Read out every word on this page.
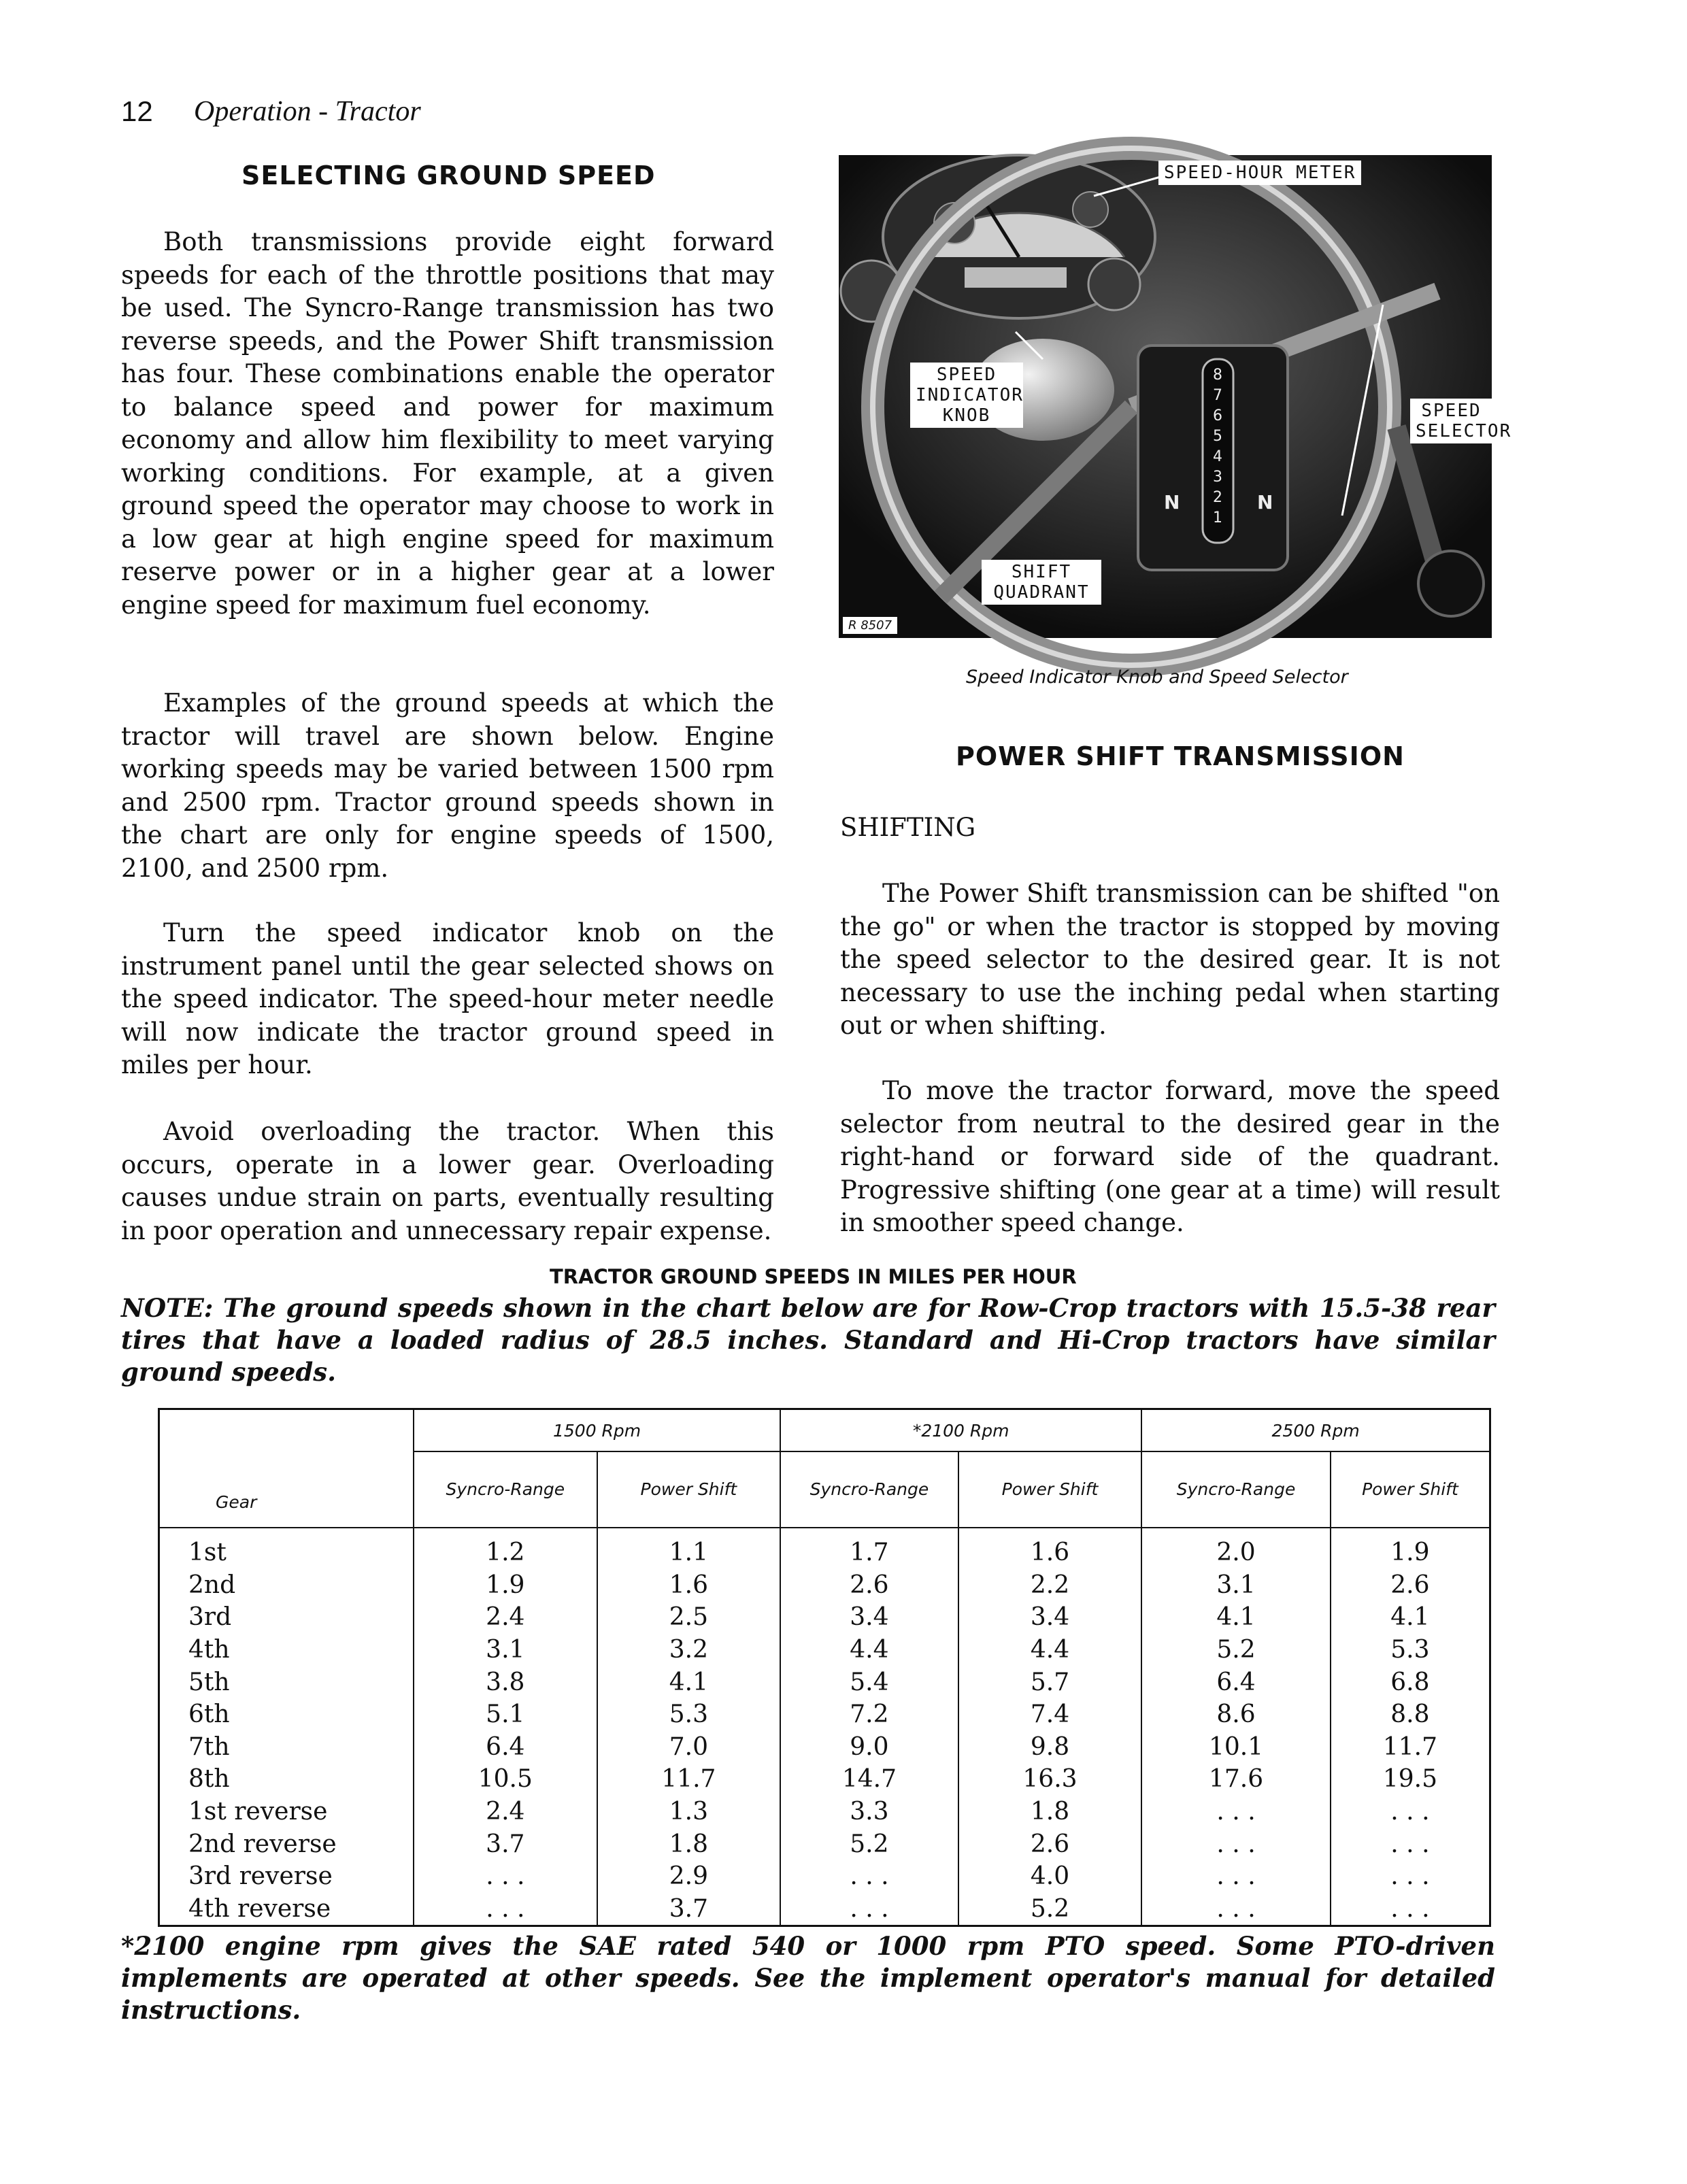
12 Operation - Tractor
SELECTING GROUND SPEED

Both transmissions provide eight forward speeds for each of the throttle positions that may be used. The Syncro-Range transmission has two reverse speeds, and the Power Shift transmission has four. These combinations enable the operator to balance speed and power for maximum economy and allow him flexibility to meet varying working conditions. For example, at a given ground speed the operator may choose to work in a low gear at high engine speed for maximum reserve power or in a higher gear at a lower engine speed for maximum fuel economy.

Examples of the ground speeds at which the tractor will travel are shown below. Engine working speeds may be varied between 1500 rpm and 2500 rpm. Tractor ground speeds shown in the chart are only for engine speeds of 1500, 2100, and 2500 rpm.

Turn the speed indicator knob on the instrument panel until the gear selected shows on the speed indicator. The speed-hour meter needle will now indicate the tractor ground speed in miles per hour.

Avoid overloading the tractor. When this occurs, operate in a lower gear. Overloading causes undue strain on parts, eventually resulting in poor operation and unnecessary repair expense.

8
7
6
5
4
3
2
1
N	N
SPEED-HOUR METER
SPEED INDICATOR KNOB	SPEED SELECTOR
SHIFT QUADRANT
R 8507
Speed Indicator Knob and Speed Selector
POWER SHIFT TRANSMISSION
SHIFTING

The Power Shift transmission can be shifted "on the go" or when the tractor is stopped by moving the speed selector to the desired gear. It is not necessary to use the inching pedal when starting out or when shifting.

To move the tractor forward, move the speed selector from neutral to the desired gear in the right-hand or forward side of the quadrant. Progressive shifting (one gear at a time) will result in smoother speed change.

TRACTOR GROUND SPEEDS IN MILES PER HOUR

NOTE: The ground speeds shown in the chart below are for Row-Crop tractors with 15.5-38 rear tires that have a loaded radius of 28.5 inches. Standard and Hi-Crop tractors have similar ground speeds.

Gear	1500 Rpm		*2100 Rpm		2500 Rpm	
	Syncro-Range	Power Shift	Syncro-Range	Power Shift	Syncro-Range	Power Shift
1st	1.2	1.1	1.7	1.6	2.0	1.9
2nd	1.9	1.6	2.6	2.2	3.1	2.6
3rd	2.4	2.5	3.4	3.4	4.1	4.1
4th	3.1	3.2	4.4	4.4	5.2	5.3
5th	3.8	4.1	5.4	5.7	6.4	6.8
6th	5.1	5.3	7.2	7.4	8.6	8.8
7th	6.4	7.0	9.0	9.8	10.1	11.7
8th	10.5	11.7	14.7	16.3	17.6	19.5
1st reverse	2.4	1.3	3.3	1.8	. . .	. . .
2nd reverse	3.7	1.8	5.2	2.6	. . .	. . .
3rd reverse	. . .	2.9	. . .	4.0	. . .	. . .
4th reverse	. . .	3.7	. . .	5.2	. . .	. . .

*2100 engine rpm gives the SAE rated 540 or 1000 rpm PTO speed. Some PTO-driven implements are operated at other speeds. See the implement operator's manual for detailed instructions.
